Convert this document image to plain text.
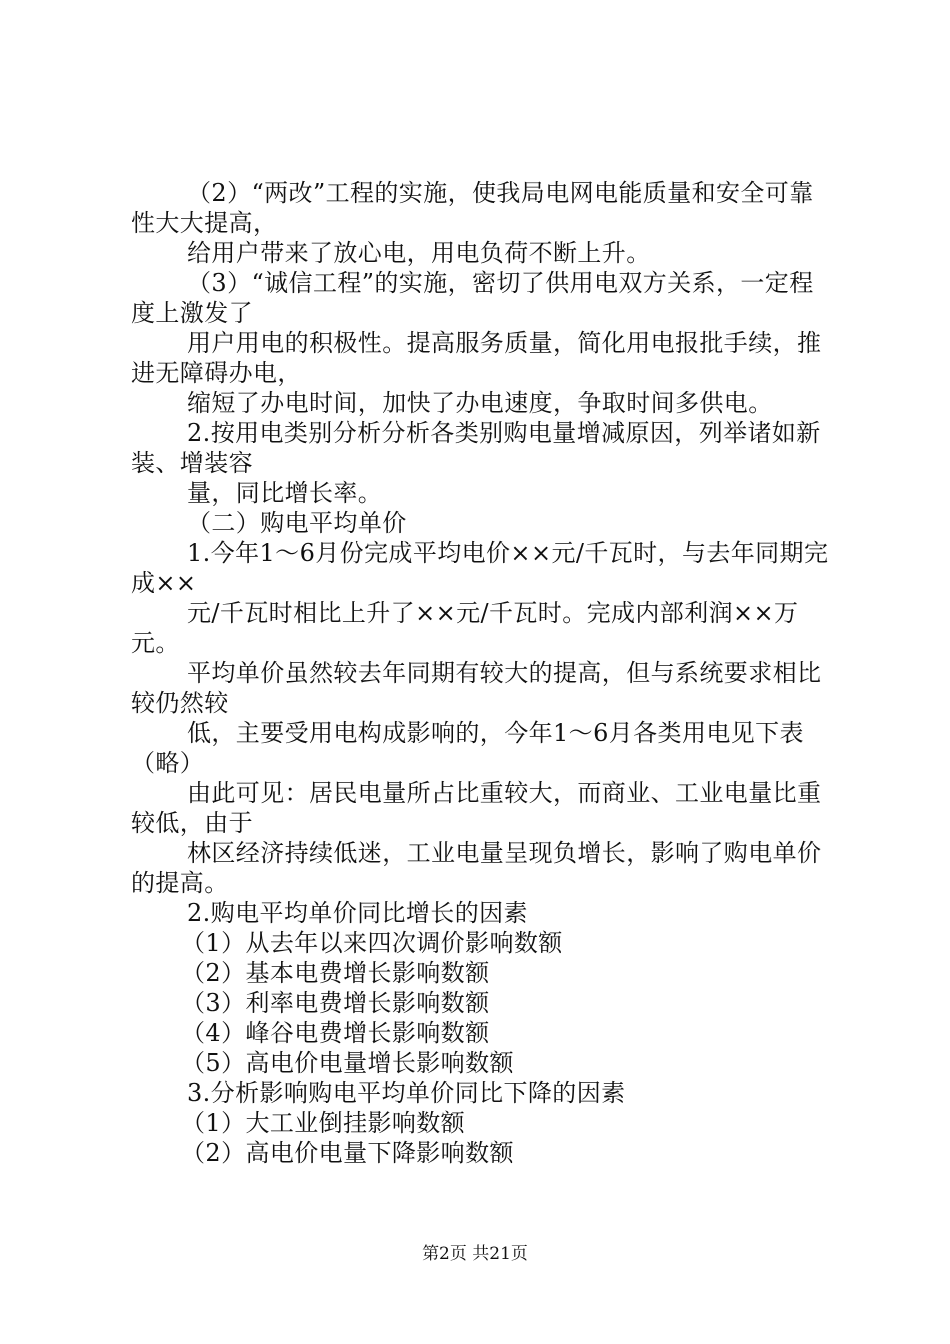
（2）“两改”工程的实施，使我局电网电能质量和安全可靠性大大提高，

给用户带来了放心电，用电负荷不断上升。

（3）“诚信工程”的实施，密切了供用电双方关系，一定程度上激发了

用户用电的积极性。提高服务质量，简化用电报批手续，推进无障碍办电，

缩短了办电时间，加快了办电速度，争取时间多供电。

2.按用电类别分析分析各类别购电量增减原因，列举诸如新装、增装容

量，同比增长率。

（二）购电平均单价

1.今年1～6月份完成平均电价××元/千瓦时，与去年同期完成××

元/千瓦时相比上升了××元/千瓦时。完成内部利润××万元。

平均单价虽然较去年同期有较大的提高，但与系统要求相比较仍然较

低，主要受用电构成影响的，今年1～6月各类用电见下表（略）

由此可见：居民电量所占比重较大，而商业、工业电量比重较低，由于

林区经济持续低迷，工业电量呈现负增长，影响了购电单价的提高。

2.购电平均单价同比增长的因素

（1）从去年以来四次调价影响数额

（2）基本电费增长影响数额

（3）利率电费增长影响数额

（4）峰谷电费增长影响数额

（5）高电价电量增长影响数额

3.分析影响购电平均单价同比下降的因素

（1）大工业倒挂影响数额

（2）高电价电量下降影响数额

第2页 共21页
